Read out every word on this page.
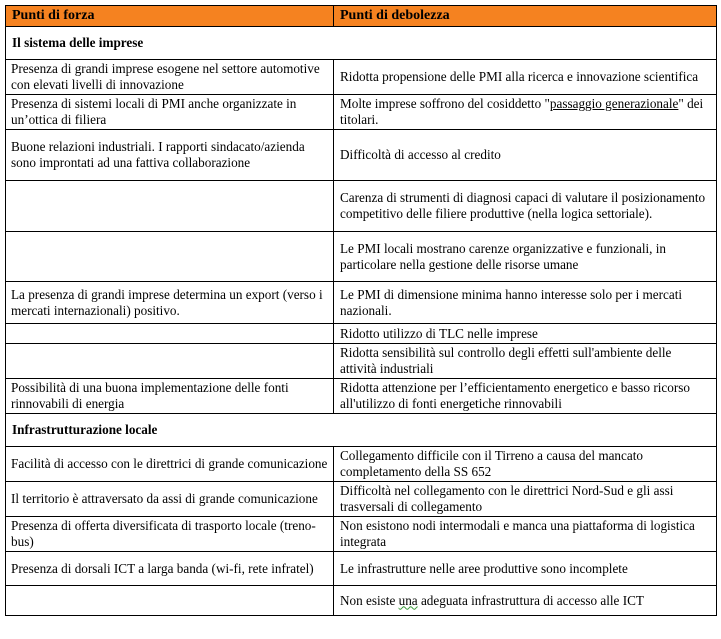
Punti di forza	Punti di debolezza
Il sistema delle imprese	
Presenza di grandi imprese esogene nel settore automotive con elevati livelli di innovazione	Ridotta propensione delle PMI alla ricerca e innovazione scientifica
Presenza di sistemi locali di PMI anche organizzate in un’ottica di filiera	Molte imprese soffrono del cosiddetto "passaggio generazionale" dei titolari.
Buone relazioni industriali. I rapporti sindacato/azienda sono improntati ad una fattiva collaborazione	Difficoltà di accesso al credito
	Carenza di strumenti di diagnosi capaci di valutare il posizionamento competitivo delle filiere produttive (nella logica settoriale).
	Le PMI locali mostrano carenze organizzative e funzionali, in particolare nella gestione delle risorse umane
La presenza di grandi imprese determina un export (verso i mercati internazionali) positivo.	Le PMI di dimensione minima hanno interesse solo per i mercati nazionali.
	Ridotto utilizzo di TLC nelle imprese
	Ridotta sensibilità sul controllo degli effetti sull'ambiente delle attività industriali
Possibilità di una buona implementazione delle fonti rinnovabili di energia	Ridotta attenzione per l’efficientamento energetico e basso ricorso all'utilizzo di fonti energetiche rinnovabili
Infrastrutturazione locale	
Facilità di accesso con le direttrici di grande comunicazione	Collegamento difficile con il Tirreno a causa del mancato completamento della SS 652
Il territorio è attraversato da assi di grande comunicazione	Difficoltà nel collegamento con le direttrici Nord-Sud e gli assi trasversali di collegamento
Presenza di offerta diversificata di trasporto locale (treno-bus)	Non esistono nodi intermodali e manca una piattaforma di logistica integrata
Presenza di dorsali ICT a larga banda (wi-fi, rete infratel)	Le infrastrutture nelle aree produttive sono incomplete
	Non esiste una adeguata infrastruttura di accesso alle ICT
